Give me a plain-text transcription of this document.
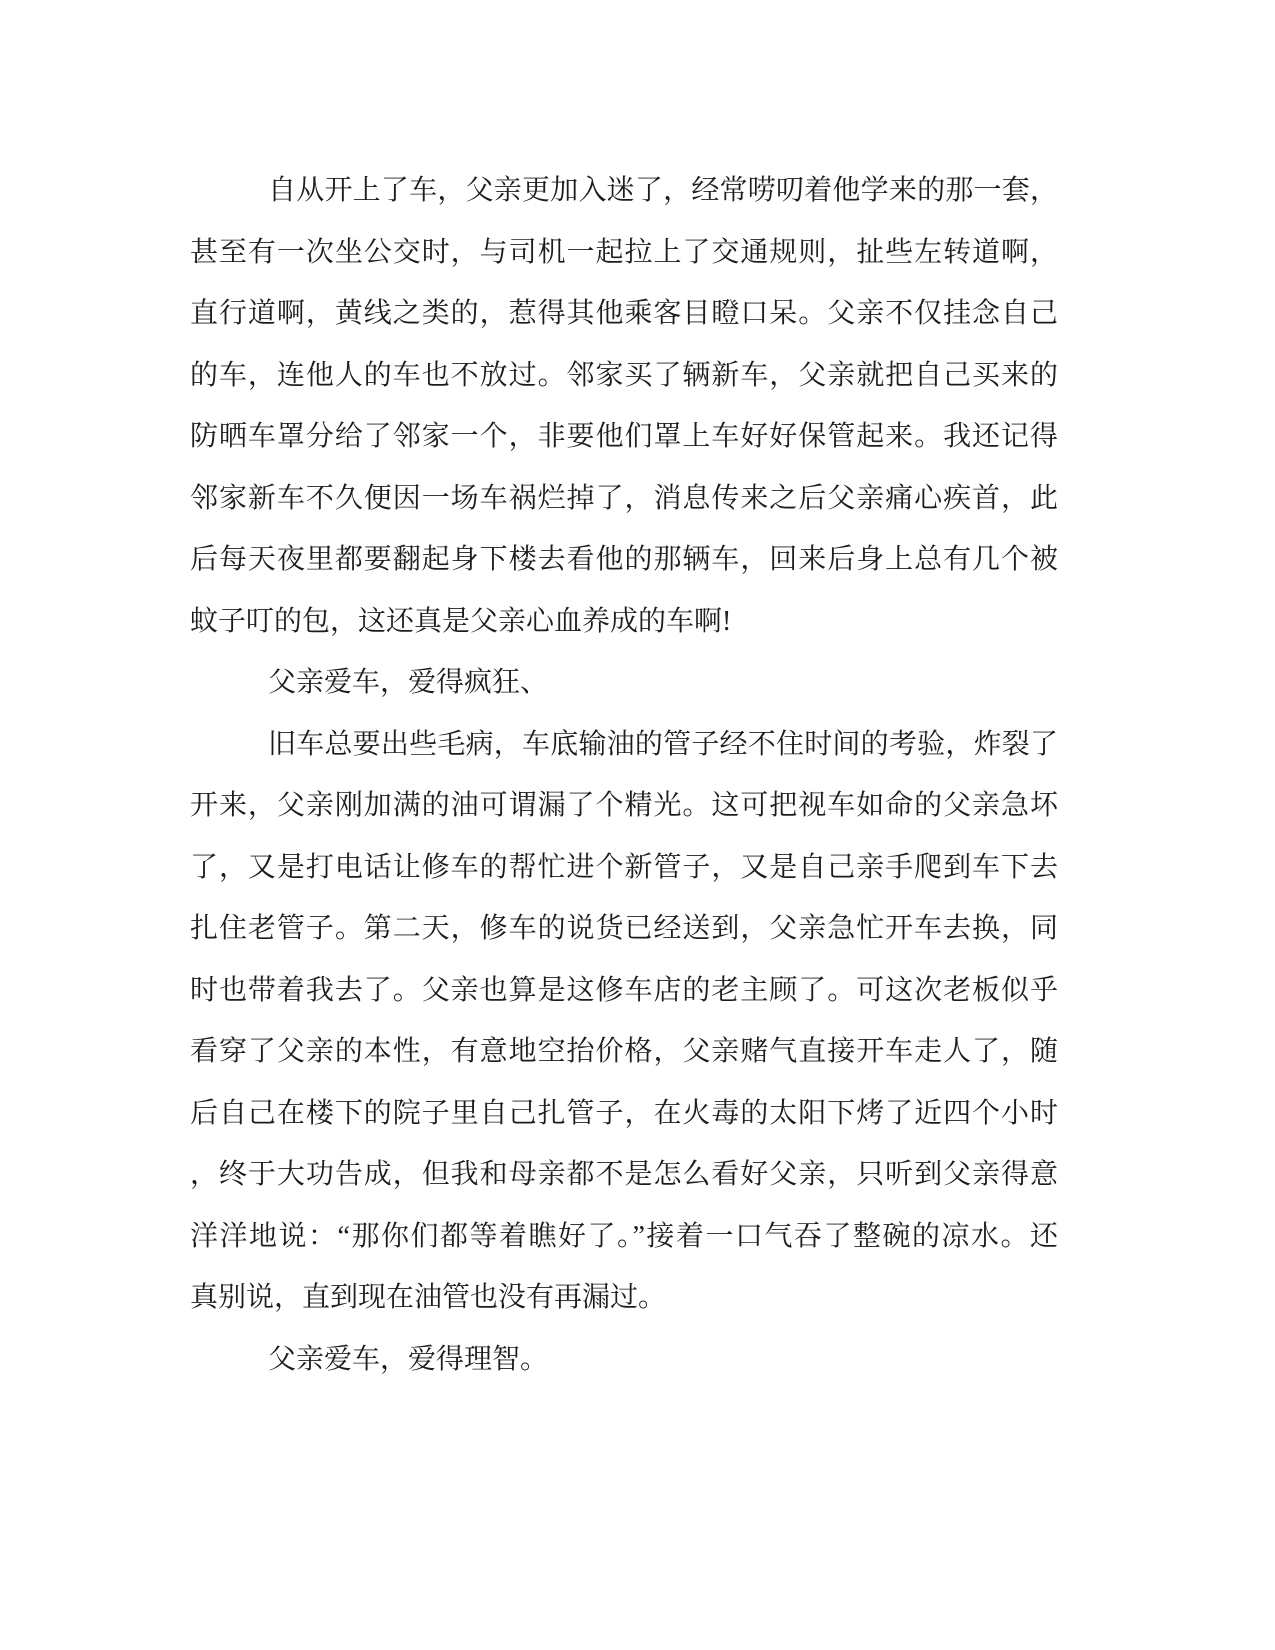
自从开上了车，父亲更加入迷了，经常唠叨着他学来的那一套，
甚至有一次坐公交时，与司机一起拉上了交通规则，扯些左转道啊，
直行道啊，黄线之类的，惹得其他乘客目瞪口呆。父亲不仅挂念自己
的车，连他人的车也不放过。邻家买了辆新车，父亲就把自己买来的
防晒车罩分给了邻家一个，非要他们罩上车好好保管起来。我还记得
邻家新车不久便因一场车祸烂掉了，消息传来之后父亲痛心疾首，此
后每天夜里都要翻起身下楼去看他的那辆车，回来后身上总有几个被
蚊子叮的包，这还真是父亲心血养成的车啊!
父亲爱车，爱得疯狂、
旧车总要出些毛病，车底输油的管子经不住时间的考验，炸裂了
开来，父亲刚加满的油可谓漏了个精光。这可把视车如命的父亲急坏
了，又是打电话让修车的帮忙进个新管子，又是自己亲手爬到车下去
扎住老管子。第二天，修车的说货已经送到，父亲急忙开车去换，同
时也带着我去了。父亲也算是这修车店的老主顾了。可这次老板似乎
看穿了父亲的本性，有意地空抬价格，父亲赌气直接开车走人了，随
后自己在楼下的院子里自己扎管子，在火毒的太阳下烤了近四个小时
，终于大功告成，但我和母亲都不是怎么看好父亲，只听到父亲得意
洋洋地说：“那你们都等着瞧好了。”接着一口气吞了整碗的凉水。还
真别说，直到现在油管也没有再漏过。
父亲爱车，爱得理智。
